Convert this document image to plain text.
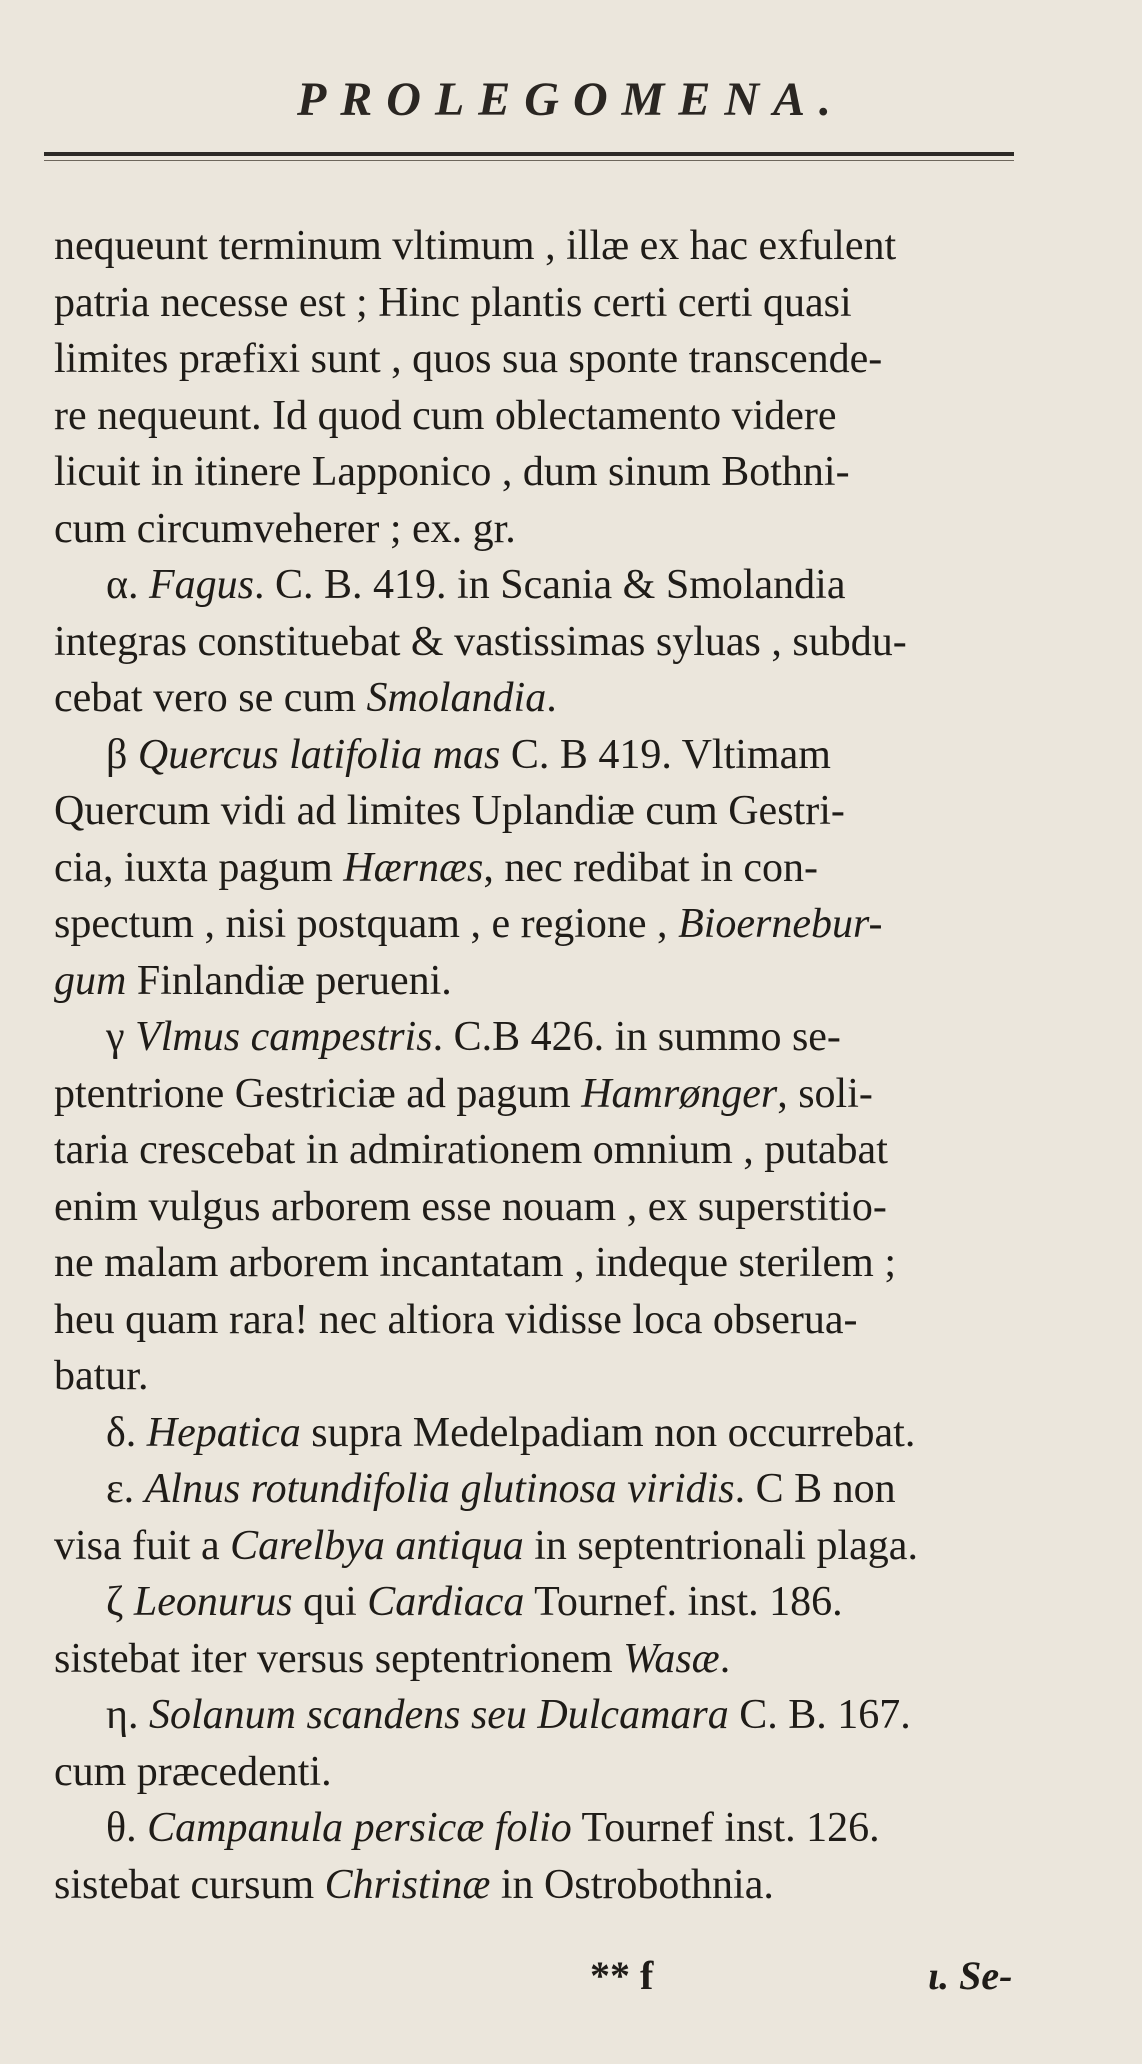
PROLEGOMENA.
nequeunt terminum vltimum , illæ ex hac exfulent
patria necesse est ; Hinc plantis certi certi quasi
limites præfixi sunt , quos sua sponte transcende-
re nequeunt. Id quod cum oblectamento videre
licuit in itinere Lapponico , dum sinum Bothni-
cum circumveherer ; ex. gr.
α. Fagus. C. B. 419. in Scania & Smolandia
integras constituebat & vastissimas syluas , subdu-
cebat vero se cum Smolandia.
β Quercus latifolia mas C. B 419. Vltimam
Quercum vidi ad limites Uplandiæ cum Gestri-
cia, iuxta pagum Hærnæs, nec redibat in con-
spectum , nisi postquam , e regione , Bioernebur-
gum Finlandiæ perueni.
γ Vlmus campestris. C.B 426. in summo se-
ptentrione Gestriciæ ad pagum Hamrønger, soli-
taria crescebat in admirationem omnium , putabat
enim vulgus arborem esse nouam , ex superstitio-
ne malam arborem incantatam , indeque sterilem ;
heu quam rara! nec altiora vidisse loca obserua-
batur.
δ. Hepatica supra Medelpadiam non occurrebat.
ε. Alnus rotundifolia glutinosa viridis. C B non
visa fuit a Carelbya antiqua in septentrionali plaga.
ζ Leonurus qui Cardiaca Tournef. inst. 186.
sistebat iter versus septentrionem Wasæ.
η. Solanum scandens seu Dulcamara C. B. 167.
cum præcedenti.
θ. Campanula persicæ folio Tournef inst. 126.
sistebat cursum Christinæ in Ostrobothnia.
** f	ι. Se-
